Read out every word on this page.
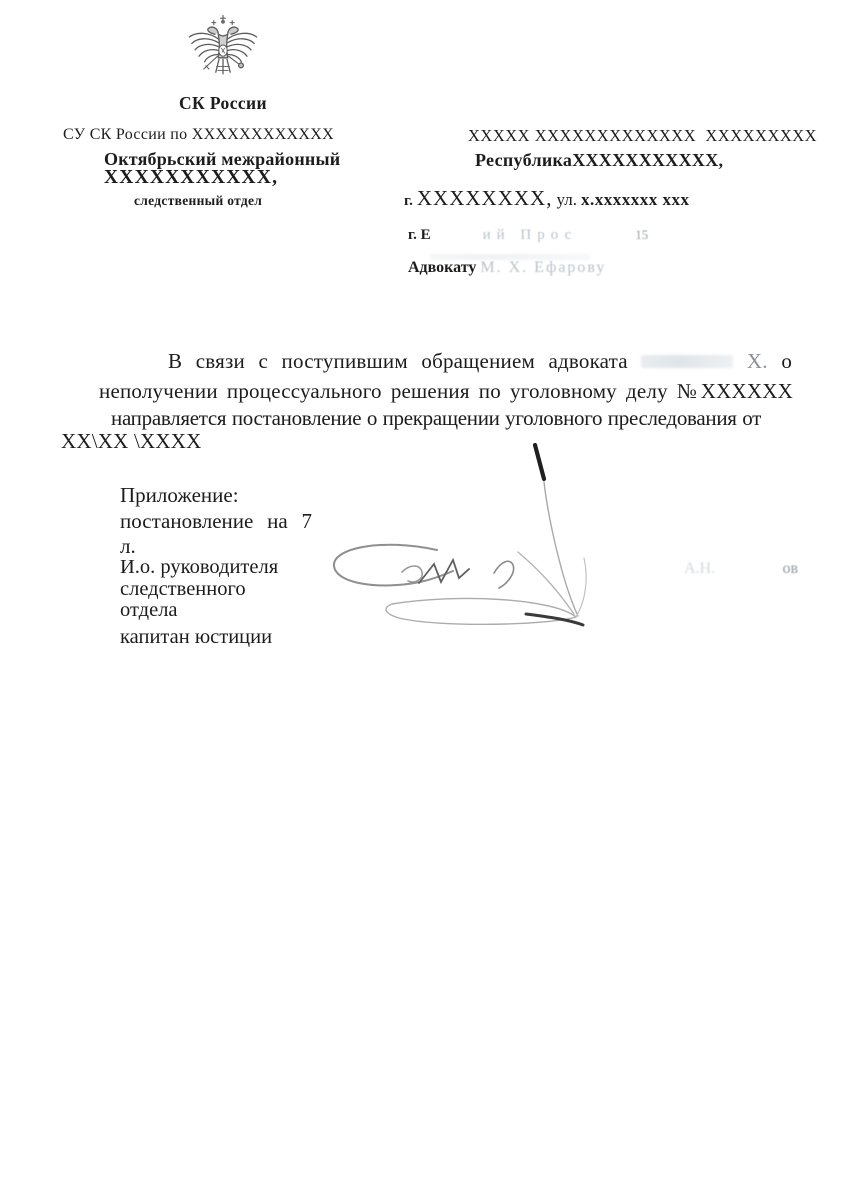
СК России
СУ СК России по ХХХХХХХХХХХХ
Октябрьский межрайонный
ХХХХХХХХХХХ,
следственный отдел
ХХХХХ ХХХХХХХХХХХХХ  ХХХХХХХХХ
РеспубликаХХХХХХХХХХХ,
г. ХХХХХХХХ, ул. х.ххххххх ххх
г. Е	ий Прос	15
Адвокату М. Х. Ефарову
В связи с поступившим обращением адвоката	Х. о
неполучении процессуального решения по уголовному делу №ХХХХХХ
направляется постановление о прекращении уголовного преследования от
ХХ\ХХ \ХХХХ
Приложение:
постановление на 7
л.
И.о. руководителя
следственного
отдела
капитан юстиции
А.Н.	ов
